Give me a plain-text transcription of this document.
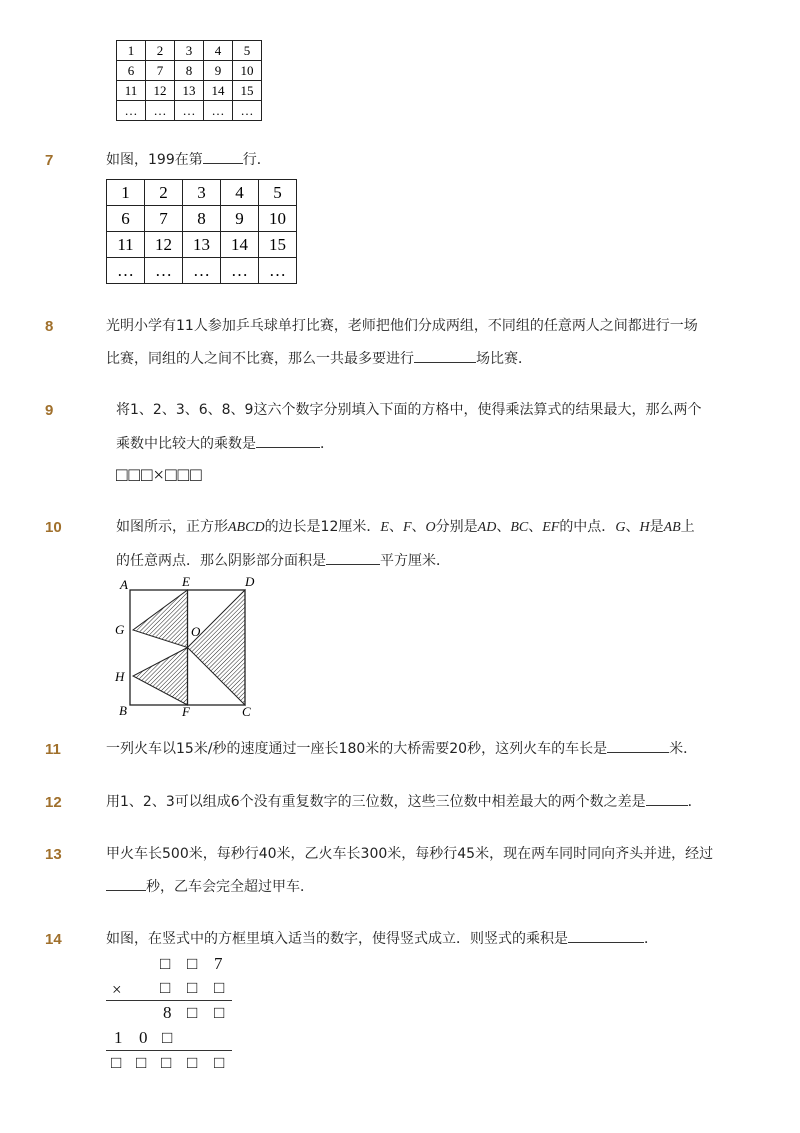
1	2	3	4	5
6	7	8	9	10
11	12	13	14	15
…	…	…	…	…
7	如图，199在第	行．
1	2	3	4	5
6	7	8	9	10
11	12	13	14	15
…	…	…	…	…
8	光明小学有11人参加乒乓球单打比赛，老师把他们分成两组，不同组的任意两人之间都进行一场
比赛，同组的人之间不比赛，那么一共最多要进行	场比赛．
9	将1、2、3、6、8、9这六个数字分别填入下面的方格中，使得乘法算式的结果最大，那么两个
乘数中比较大的乘数是	．
□□□×□□□
10	如图所示，正方形ABCD的边长是12厘米．E、F、O分别是AD、BC、EF的中点．G、H是AB上
的任意两点．那么阴影部分面积是	平方厘米．
A	E	D
G	O
H
B	F	C
11	一列火车以15米/秒的速度通过一座长180米的大桥需要20秒，这列火车的车长是	米．
12	用1、2、3可以组成6个没有重复数字的三位数，这些三位数中相差最大的两个数之差是	．
13	甲火车长500米，每秒行40米，乙火车长300米，每秒行45米，现在两车同时同向齐头并进，经过
秒，乙车会完全超过甲车．
14	如图，在竖式中的方框里填入适当的数字，使得竖式成立．则竖式的乘积是	．
□ □ 7
× □ □ □
8 □ □
1 0 □
□ □ □ □ □
